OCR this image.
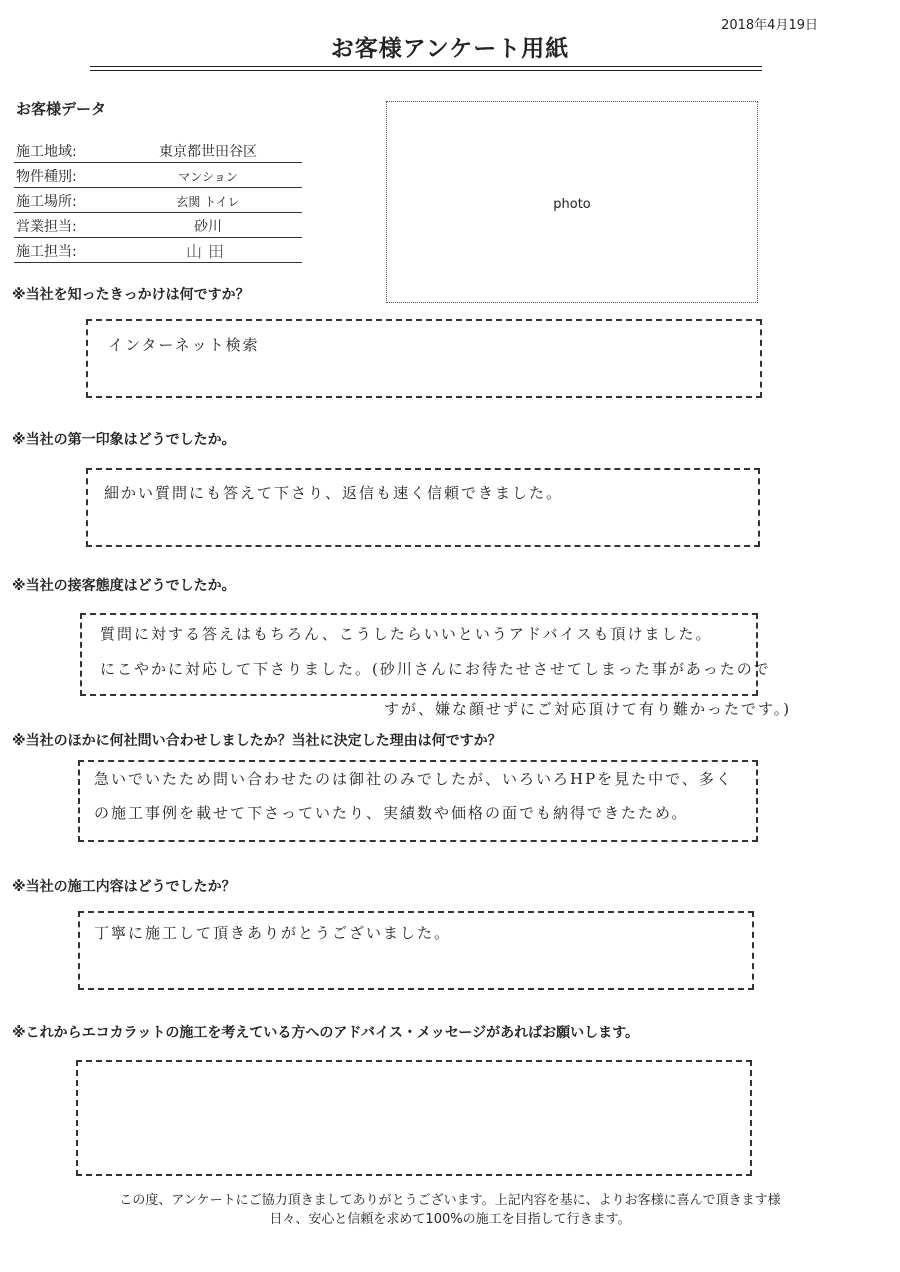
2018年4月19日
お客様アンケート用紙
お客様データ
施工地域:	東京都世田谷区
物件種別:	マンション
施工場所:	玄関 トイレ
営業担当:	砂川
施工担当:	山田
photo
※当社を知ったきっかけは何ですか？
インターネット検索
※当社の第一印象はどうでしたか。
細かい質問にも答えて下さり、返信も速く信頼できました。
※当社の接客態度はどうでしたか。
質問に対する答えはもちろん、こうしたらいいというアドバイスも頂けました。
にこやかに対応して下さりました。(砂川さんにお待たせさせてしまった事があったので
すが、嫌な顔せずにご対応頂けて有り難かったです。)
※当社のほかに何社問い合わせしましたか？当社に決定した理由は何ですか？
急いでいたため問い合わせたのは御社のみでしたが、いろいろHPを見た中で、多く
の施工事例を載せて下さっていたり、実績数や価格の面でも納得できたため。
※当社の施工内容はどうでしたか？
丁寧に施工して頂きありがとうございました。
※これからエコカラットの施工を考えている方へのアドバイス・メッセージがあればお願いします。
この度、アンケートにご協力頂きましてありがとうございます。上記内容を基に、よりお客様に喜んで頂きます様
日々、安心と信頼を求めて100%の施工を目指して行きます。
